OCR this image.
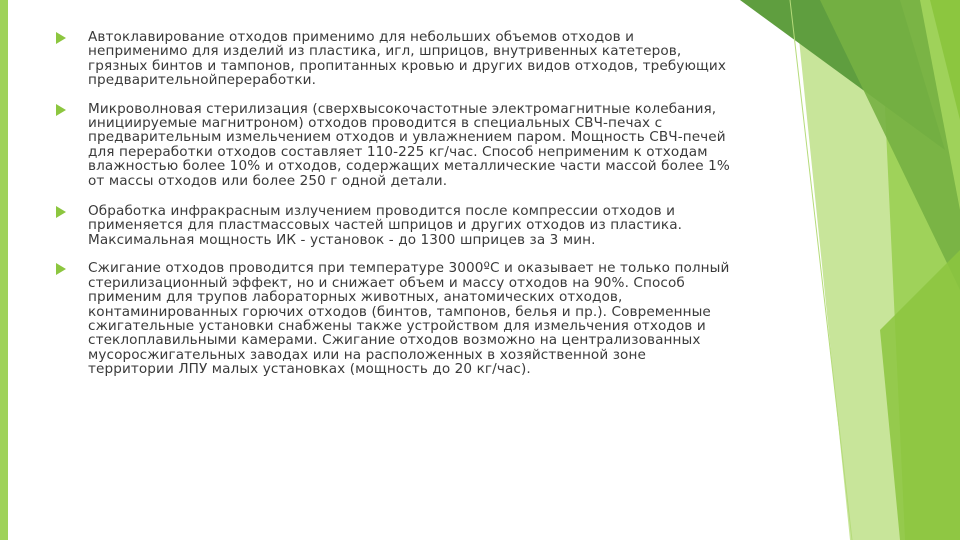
Автоклавирование отходов применимо для небольших объемов отходов и неприменимо для изделий из пластика, игл, шприцов, внутривенных катетеров, грязных бинтов и тампонов, пропитанных кровью и других видов отходов, требующих предварительнойпереработки.
Микроволновая стерилизация (сверхвысокочастотные электромагнитные колебания, инициируемые магнитроном) отходов проводится в специальных СВЧ-печах с предварительным измельчением отходов и увлажнением паром. Мощность СВЧ-печей для переработки отходов составляет 110-225 кг/час. Способ неприменим к отходам влажностью более 10% и отходов, содержащих металлические части массой более 1% от массы отходов или более 250 г одной детали.
Обработка инфракрасным излучением проводится после компрессии отходов и применяется для пластмассовых частей шприцов и других отходов из пластика. Максимальная мощность ИК - установок - до 1300 шприцев за 3 мин.
Сжигание отходов проводится при температуре 3000ºС и оказывает не только полный стерилизационный эффект, но и снижает объем и массу отходов на 90%. Способ применим для трупов лабораторных животных, анатомических отходов, контаминированных горючих отходов (бинтов, тампонов, белья и пр.). Современные сжигательные установки снабжены также устройством для измельчения отходов и стеклоплавильными камерами. Сжигание отходов возможно на централизованных мусоросжигательных заводах или на расположенных в хозяйственной зоне территории ЛПУ малых установках (мощность до 20 кг/час).
